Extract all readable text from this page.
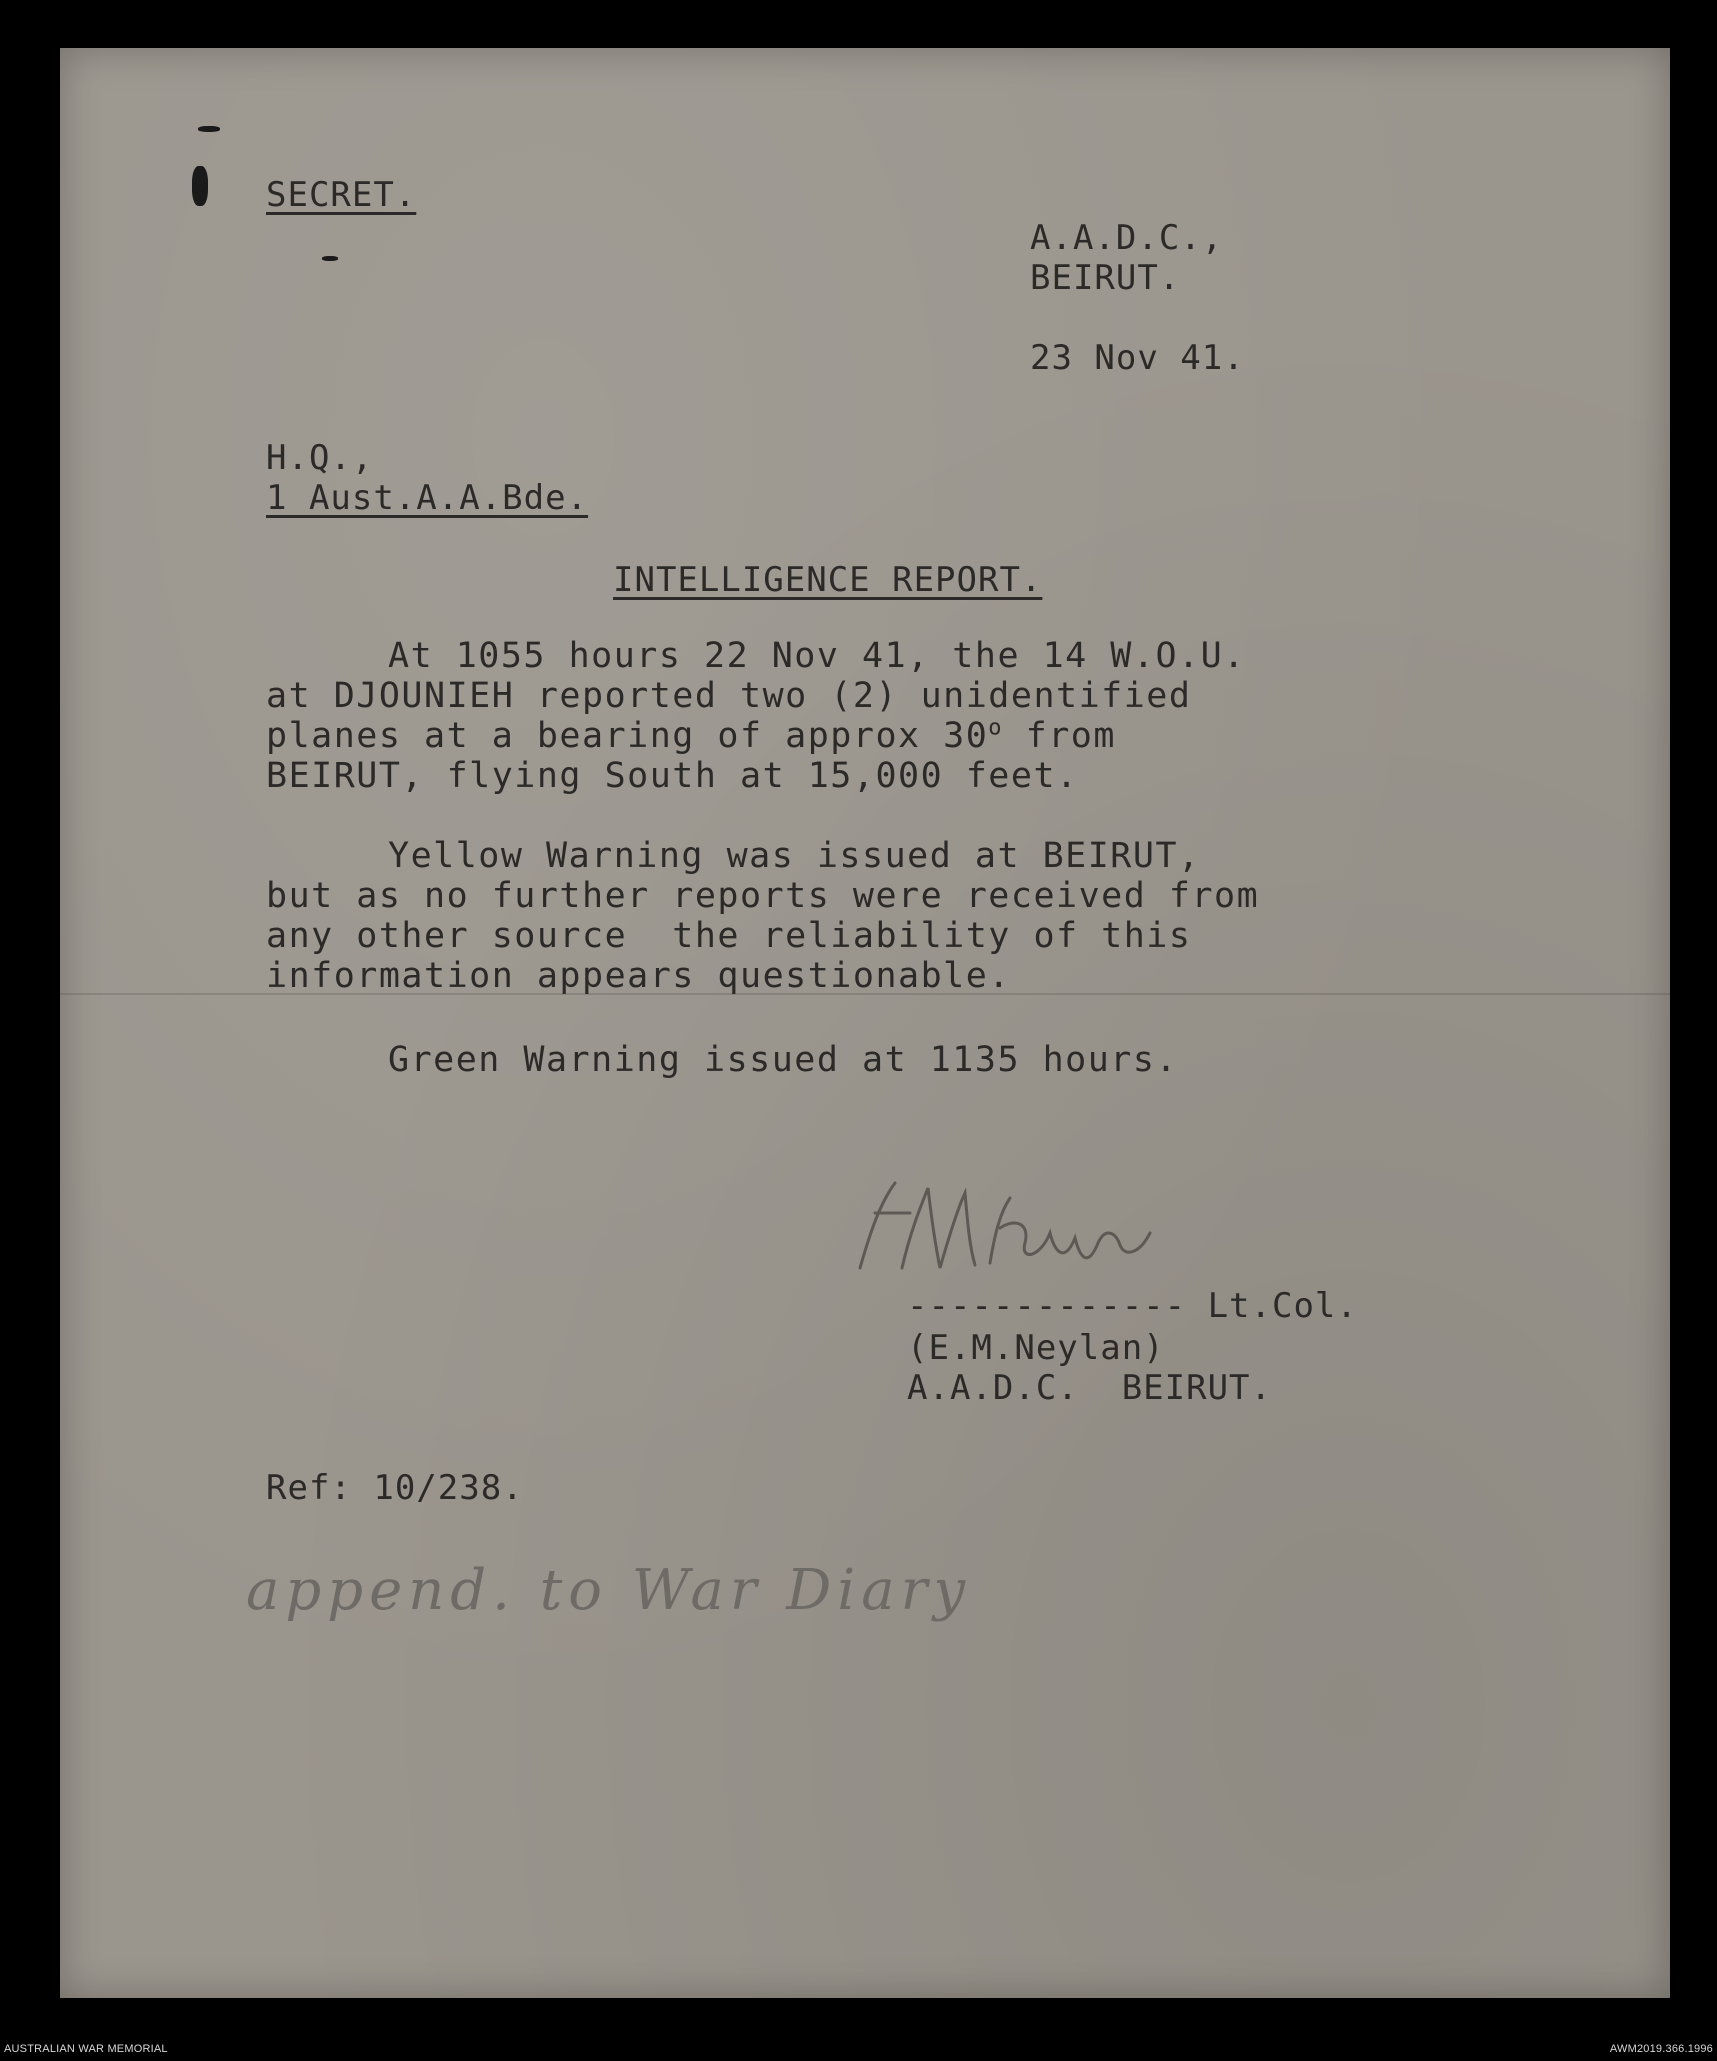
SECRET.
A.A.D.C.,
BEIRUT.
23 Nov 41.
H.Q.,
1 Aust.A.A.Bde.
INTELLIGENCE REPORT.
At 1055 hours 22 Nov 41, the 14 W.O.U.
at DJOUNIEH reported two (2) unidentified
planes at a bearing of approx 30$^o$ from
BEIRUT, flying South at 15,000 feet.
Yellow Warning was issued at BEIRUT,
but as no further reports were received from
any other source  the reliability of this
information appears questionable.
Green Warning issued at 1135 hours.
------------- Lt.Col.
(E.M.Neylan)
A.A.D.C.  BEIRUT.
Ref: 10/238.
append. to War Diary
AUSTRALIAN WAR MEMORIAL	AWM2019.366.1996
